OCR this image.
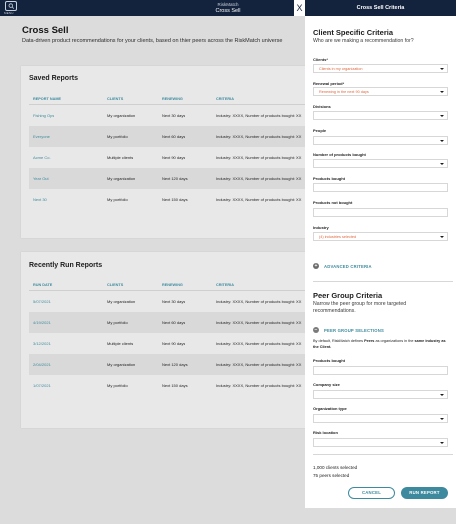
MENU
RiskMatch
Cross Sell
Cross Sell
Data-driven product recommendations for your clients, based on thier peers across the RiskMatch universe
Saved Reports
REPORT NAME	CLIENTS	RENEWING	CRITERIA
Fishing Ops	My organization	Next 30 days	Industry: XXXX, Number of products bought: XX
Everyone	My portfolio	Next 60 days	Industry: XXXX, Number of products bought: XX
Acme Co.	Multiple clients	Next 90 days	Industry: XXXX, Number of products bought: XX
Year Out	My organization	Next 120 days	Industry: XXXX, Number of products bought: XX
Next 30	My portfolio	Next 150 days	Industry: XXXX, Number of products bought: XX
Recently Run Reports
RUN DATE	CLIENTS	RENEWING	CRITERIA
5/07/2021	My organization	Next 30 days	Industry: XXXX, Number of products bought: XX
4/19/2021	My portfolio	Next 60 days	Industry: XXXX, Number of products bought: XX
3/12/2021	Multiple clients	Next 90 days	Industry: XXXX, Number of products bought: XX
2/04/2021	My organization	Next 120 days	Industry: XXXX, Number of products bought: XX
1/07/2021	My portfolio	Next 150 days	Industry: XXXX, Number of products bought: XX
X	Cross Sell Criteria
Client Specific Criteria
Who are we making a recommendation for?
Clients*
Clients in my organization
Renewal period*
Renewing in the next 90 days
Divisions
People
Number of products bought
Products bought
Products not bought
Industry
(4) industries selected
+	ADVANCED CRITERIA
Peer Group Criteria
Narrow the peer group for more targeted recommendations.
−	PEER GROUP SELECTIONS
By default, RiskMatch defines Peers as organizations in the same industry as the Client.
Products bought
Company size
Organization type
Risk location
1,000 clients selected
75 peers selected
CANCEL	RUN REPORT
